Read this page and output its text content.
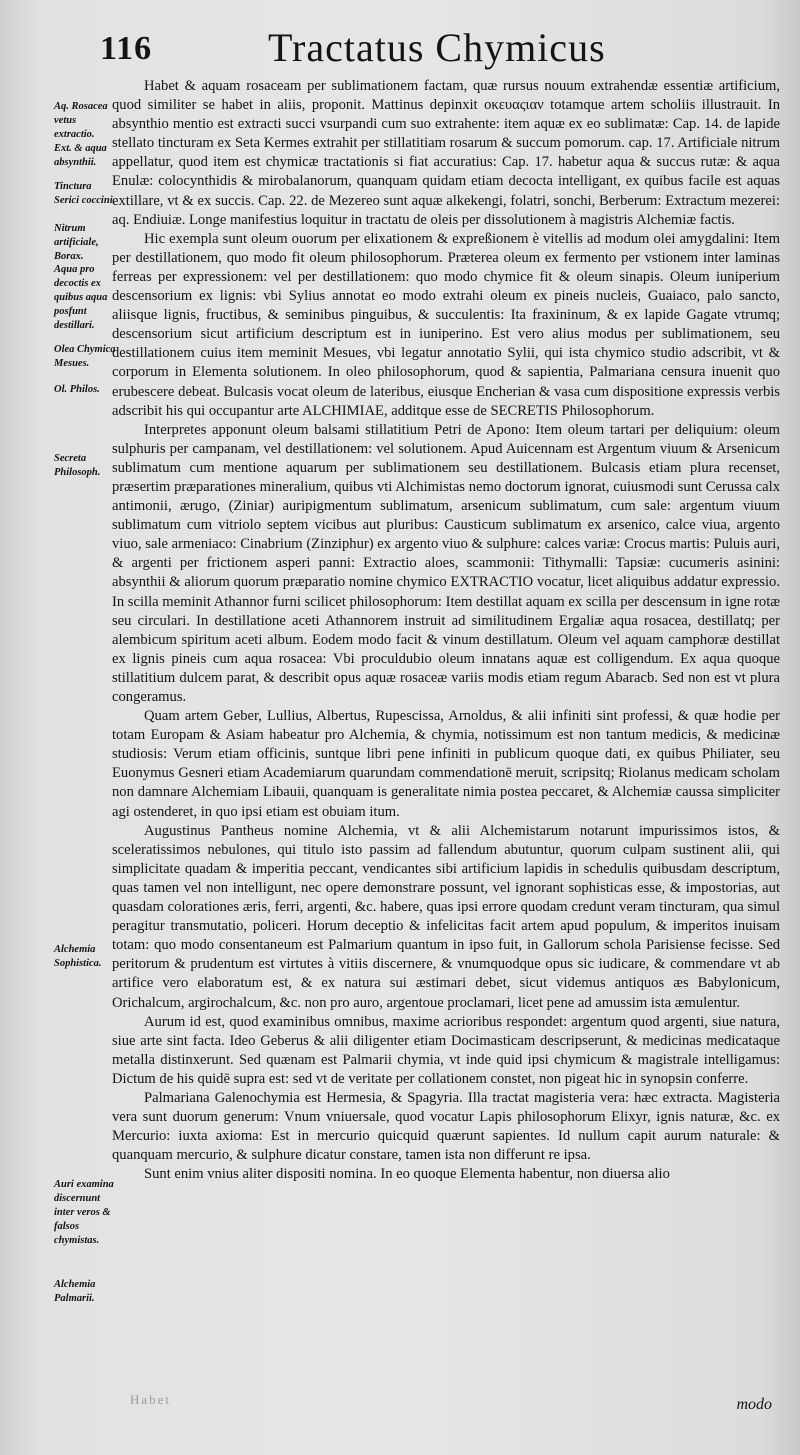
116	Tractatus Chymicus
Aq. Rosacea vetus extractio.
Ext. & aqua absynthii.
Tinctura Serici coccini.
Nitrum artificiale, Borax.
Aqua pro decoctis ex quibus aqua posfunt destillari.
Olea Chymica Mesues.
Ol. Philos.
Secreta Philosoph.
Alchemia Sophistica.
Auri examina discernunt inter veros & falsos chymistas.
Alchemia Palmarii.

Habet & aquam rosaceam per sublimationem factam, quæ rursus nouum extrahendæ essentiæ artificium, quod similiter se habet in aliis, proponit. Mattinus depinxit οκευαςιαν totamque artem scholiis illustrauit. In absynthio mentio est extracti succi vsurpandi cum suo extrahente: item aquæ ex eo sublimatæ: Cap. 14. de lapide stellato tincturam ex Seta Kermes extrahit per stillatitiam rosarum & succum pomorum. cap. 17. Artificiale nitrum appellatur, quod item est chymicæ tractationis si fiat accuratius: Cap. 17. habetur aqua & succus rutæ: & aqua Enulæ: colocynthidis & mirobalanorum, quanquam quidam etiam decocta intelligant, ex quibus facile est aquas extillare, vt & ex succis. Cap. 22. de Mezereo sunt aquæ alkekengi, folatri, sonchi, Berberum: Extractum mezerei: aq. Endiuiæ. Longe manifestius loquitur in tractatu de oleis per dissolutionem à magistris Alchemiæ factis.

Hic exempla sunt oleum ouorum per elixationem & expreßionem è vitellis ad modum olei amygdalini: Item per destillationem, quo modo fit oleum philosophorum. Præterea oleum ex fermento per vstionem inter laminas ferreas per expressionem: vel per destillationem: quo modo chymice fit & oleum sinapis. Oleum iuniperium descensorium ex lignis: vbi Sylius annotat eo modo extrahi oleum ex pineis nucleis, Guaiaco, palo sancto, aliisque lignis, fructibus, & seminibus pinguibus, & succulentis: Ita fraxininum, & ex lapide Gagate vtrumq; descensorium sicut artificium descriptum est in iuniperino. Est vero alius modus per sublimationem, seu destillationem cuius item meminit Mesues, vbi legatur annotatio Sylii, qui ista chymico studio adscribit, vt & corporum in Elementa solutionem. In oleo philosophorum, quod & sapientia, Palmariana censura inuenit quo erubescere debeat. Bulcasis vocat oleum de lateribus, eiusque Encherian & vasa cum dispositione expressis verbis adscribit his qui occupantur arte ALCHIMIAE, additque esse de SECRETIS Philosophorum.

Interpretes apponunt oleum balsami stillatitium Petri de Apono: Item oleum tartari per deliquium: oleum sulphuris per campanam, vel destillationem: vel solutionem. Apud Auicennam est Argentum viuum & Arsenicum sublimatum cum mentione aquarum per sublimationem seu destillationem. Bulcasis etiam plura recenset, præsertim præparationes mineralium, quibus vti Alchimistas nemo doctorum ignorat, cuiusmodi sunt Cerussa calx antimonii, ærugo, (Ziniar) auripigmentum sublimatum, arsenicum sublimatum, cum sale: argentum viuum sublimatum cum vitriolo septem vicibus aut pluribus: Causticum sublimatum ex arsenico, calce viua, argento viuo, sale armeniaco: Cinabrium (Zinziphur) ex argento viuo & sulphure: calces variæ: Crocus martis: Puluis auri, & argenti per frictionem asperi panni: Extractio aloes, scammonii: Tithymalli: Tapsiæ: cucumeris asinini: absynthii & aliorum quorum præparatio nomine chymico EXTRACTIO vocatur, licet aliquibus addatur expressio. In scilla meminit Athannor furni scilicet philosophorum: Item destillat aquam ex scilla per descensum in igne rotæ seu circulari. In destillatione aceti Athannorem instruit ad similitudinem Ergaliæ aqua rosacea, destillatq; per alembicum spiritum aceti album. Eodem modo facit & vinum destillatum. Oleum vel aquam camphoræ destillat ex lignis pineis cum aqua rosacea: Vbi proculdubio oleum innatans aquæ est colligendum. Ex aqua quoque stillatitium dulcem parat, & describit opus aquæ rosaceæ variis modis etiam regum Abaracb. Sed non est vt plura congeramus.

Quam artem Geber, Lullius, Albertus, Rupescissa, Arnoldus, & alii infiniti sint professi, & quæ hodie per totam Europam & Asiam habeatur pro Alchemia, & chymia, notissimum est non tantum medicis, & medicinæ studiosis: Verum etiam officinis, suntque libri pene infiniti in publicum quoque dati, ex quibus Philiater, seu Euonymus Gesneri etiam Academiarum quarundam commendationē meruit, scripsitq; Riolanus medicam scholam non damnare Alchemiam Libauii, quanquam is generalitate nimia postea peccaret, & Alchemiæ caussa simpliciter agi ostenderet, in quo ipsi etiam est obuiam itum.

Augustinus Pantheus nomine Alchemia, vt & alii Alchemistarum notarunt impurissimos istos, & sceleratissimos nebulones, qui titulo isto passim ad fallendum abutuntur, quorum culpam sustinent alii, qui simplicitate quadam & imperitia peccant, vendicantes sibi artificium lapidis in schedulis quibusdam descriptum, quas tamen vel non intelligunt, nec opere demonstrare possunt, vel ignorant sophisticas esse, & impostorias, aut quasdam colorationes æris, ferri, argenti, &c. habere, quas ipsi errore quodam credunt veram tincturam, qua simul peragitur transmutatio, policeri. Horum deceptio & infelicitas facit artem apud populum, & imperitos inuisam totam: quo modo consentaneum est Palmarium quantum in ipso fuit, in Gallorum schola Parisiense fecisse. Sed peritorum & prudentum est virtutes à vitiis discernere, & vnumquodque opus sic iudicare, & commendare vt ab artifice vero elaboratum est, & ex natura sui æstimari debet, sicut videmus antiquos æs Babylonicum, Orichalcum, argirochalcum, &c. non pro auro, argentoue proclamari, licet pene ad amussim ista æmulentur.

Aurum id est, quod examinibus omnibus, maxime acrioribus respondet: argentum quod argenti, siue natura, siue arte sint facta. Ideo Geberus & alii diligenter etiam Docimasticam descripserunt, & medicinas medicataque metalla distinxerunt. Sed quænam est Palmarii chymia, vt inde quid ipsi chymicum & magistrale intelligamus: Dictum de his quidē supra est: sed vt de veritate per collationem constet, non pigeat hic in synopsin conferre.

Palmariana Galenochymia est Hermesia, & Spagyria. Illa tractat magisteria vera: hæc extracta. Magisteria vera sunt duorum generum: Vnum vniuersale, quod vocatur Lapis philosophorum Elixyr, ignis naturæ, &c. ex Mercurio: iuxta axioma: Est in mercurio quicquid quærunt sapientes. Id nullum capit aurum naturale: & quanquam mercurio, & sulphure dicatur constare, tamen ista non differunt re ipsa.

Sunt enim vnius aliter dispositi nomina. In eo quoque Elementa habentur, non diuersa alio

Habet	modo
